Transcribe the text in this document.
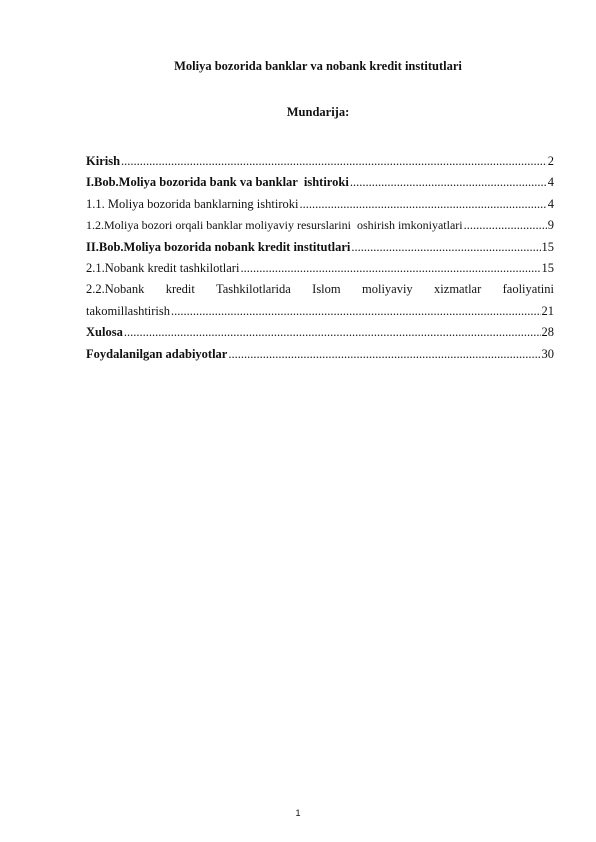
Moliya bozorida banklar va nobank kredit institutlari
Mundarija:
Kirish .....	2
I.Bob.Moliya bozorida bank va banklar  ishtiroki .....	4
1.1. Moliya bozorida banklarning ishtiroki .....	4
1.2.Moliya bozori orqali banklar moliyaviy resurslarini  oshirish imkoniyatlari .....	9
II.Bob.Moliya bozorida nobank kredit institutlari .....	15
2.1.Nobank kredit tashkilotlari .....	15
2.2.Nobank kredit Tashkilotlarida Islom moliyaviy xizmatlar faoliyatini
takomillashtirish .....	21
Xulosa .....	28
Foydalanilgan adabiyotlar .....	30
1
